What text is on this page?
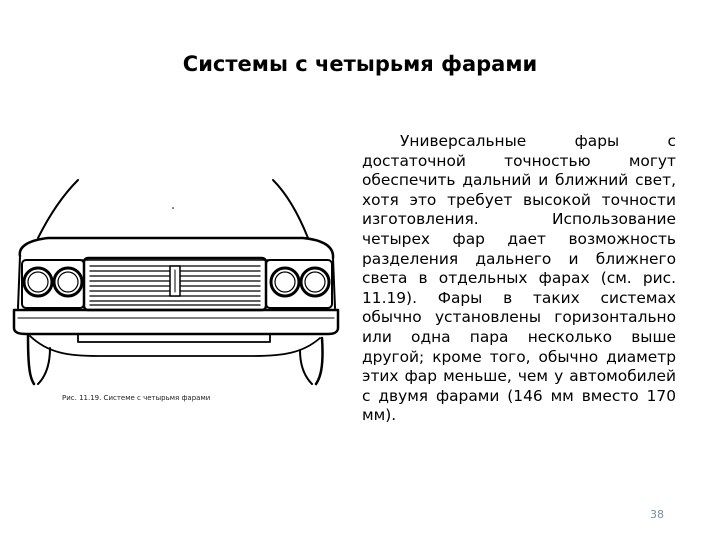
Системы с четырьмя фарами
Рис. 11.19. Системе с четырьмя фарами
Универсальные фары с достаточной точностью могут обеспечить дальний и ближний свет, хотя это требует высокой точности изготовления. Использование четырех фар дает возможность разделения дальнего и ближнего света в отдельных фарах (см. рис. 11.19). Фары в таких системах обычно установлены горизонтально или одна пара несколько выше другой; кроме того, обычно диаметр этих фар меньше, чем у автомобилей с двумя фарами (146 мм вместо 170 мм).
38
